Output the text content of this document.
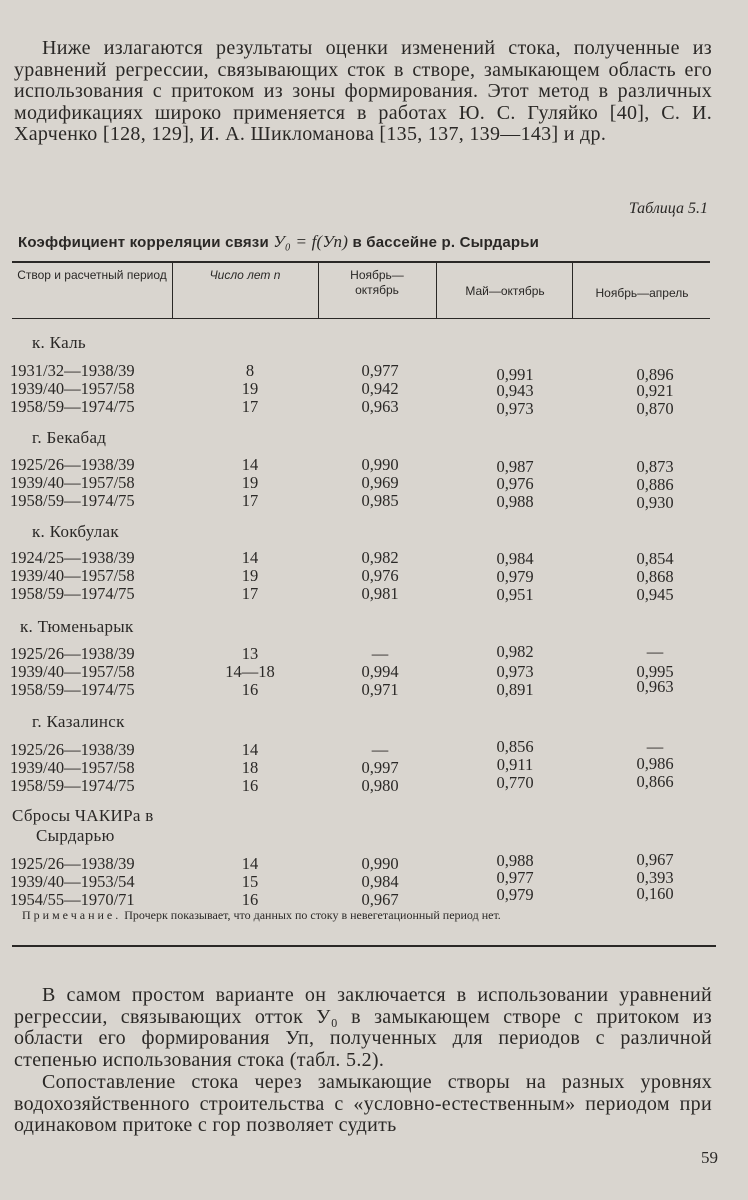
Ниже излагаются результаты оценки изменений стока, полученные из уравнений регрессии, связывающих сток в створе, замыкающем область его использования с притоком из зоны формирования. Этот метод в различных модификациях широко применяется в работах Ю. С. Гуляйко [40], С. И. Харченко [128, 129], И. А. Шикломанова [135, 137, 139—143] и др.
Таблица 5.1
Коэффициент корреляции связи У₀ = f(Уп) в бассейне р. Сырдарьи
Створ и расчетный период	Число лет n	Ноябрь—октябрь	Май—октябрь	Ноябрь—апрель
к. Каль
1931/32—1938/39	8	0,977	0,991	0,896
1939/40—1957/58	19	0,942	0,943	0,921
1958/59—1974/75	17	0,963	0,973	0,870
г. Бекабад
1925/26—1938/39	14	0,990	0,987	0,873
1939/40—1957/58	19	0,969	0,976	0,886
1958/59—1974/75	17	0,985	0,988	0,930
к. Кокбулак
1924/25—1938/39	14	0,982	0,984	0,854
1939/40—1957/58	19	0,976	0,979	0,868
1958/59—1974/75	17	0,981	0,951	0,945
к. Тюменьарык
1925/26—1938/39	13	—	0,982	—
1939/40—1957/58	14—18	0,994	0,973	0,995
1958/59—1974/75	16	0,971	0,891	0,963
г. Казалинск
1925/26—1938/39	14	—	0,856	—
1939/40—1957/58	18	0,997	0,911	0,986
1958/59—1974/75	16	0,980	0,770	0,866
Сбросы ЧАКИРа в
Сырдарью
1925/26—1938/39	14	0,990	0,988	0,967
1939/40—1953/54	15	0,984	0,977	0,393
1954/55—1970/71	16	0,967	0,979	0,160
Примечание. Прочерк показывает, что данных по стоку в невегетационный период нет.
В самом простом варианте он заключается в использовании уравнений регрессии, связывающих отток У₀ в замыкающем створе с притоком из области его формирования Уп, полученных для периодов с различной степенью использования стока (табл. 5.2).
Сопоставление стока через замыкающие створы на разных уровнях водохозяйственного строительства с «условно-естественным» периодом при одинаковом притоке с гор позволяет судить
59
